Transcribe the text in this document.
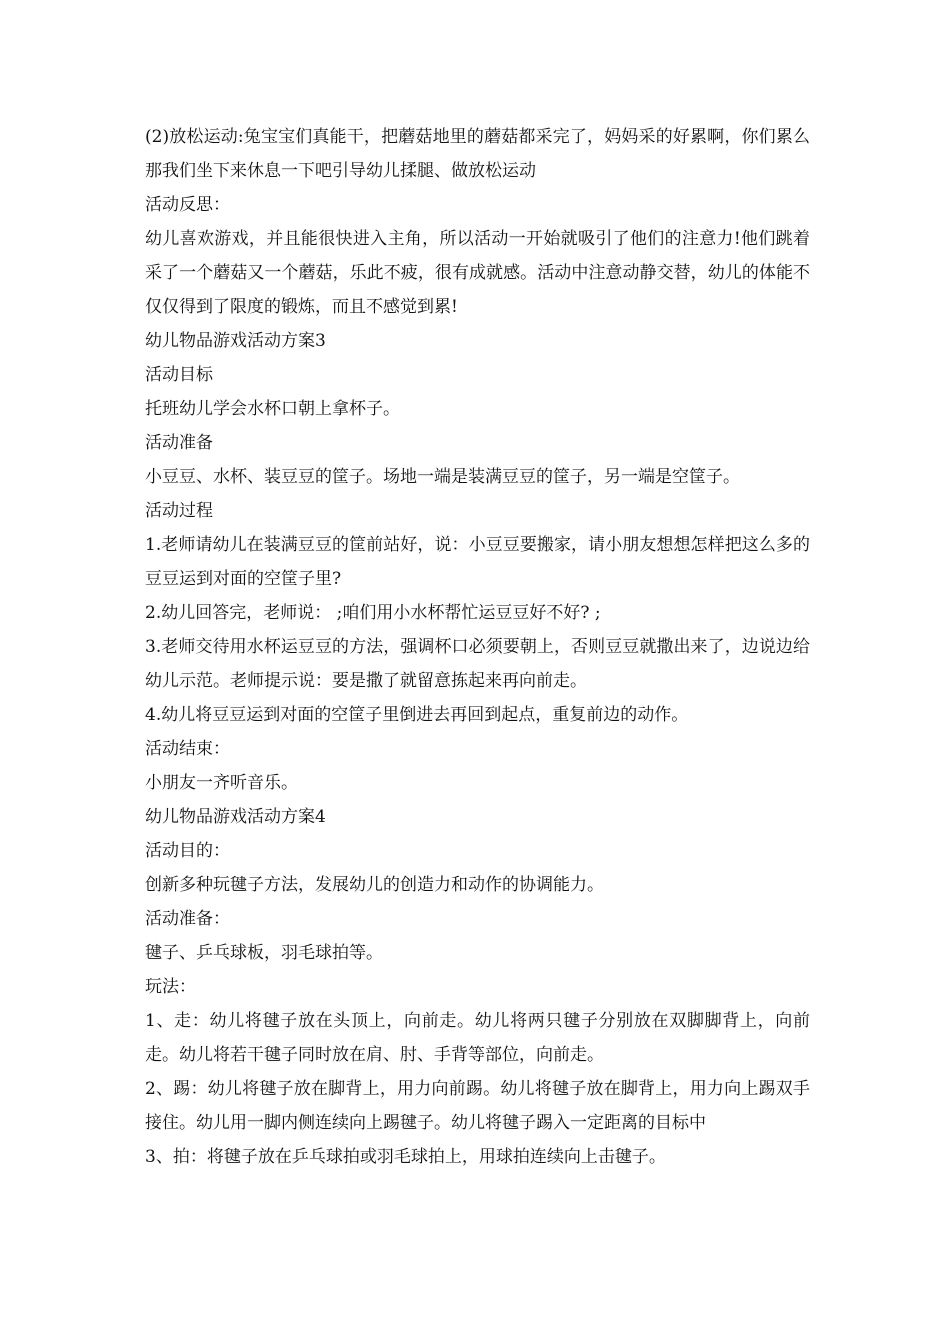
(2)放松运动:兔宝宝们真能干，把蘑菇地里的蘑菇都采完了，妈妈采的好累啊，你们累么那我们坐下来休息一下吧引导幼儿揉腿、做放松运动

活动反思：

幼儿喜欢游戏，并且能很快进入主角，所以活动一开始就吸引了他们的注意力!他们跳着采了一个蘑菇又一个蘑菇，乐此不疲，很有成就感。活动中注意动静交替，幼儿的体能不仅仅得到了限度的锻炼，而且不感觉到累!

幼儿物品游戏活动方案3

活动目标

托班幼儿学会水杯口朝上拿杯子。

活动准备

小豆豆、水杯、装豆豆的筐子。场地一端是装满豆豆的筐子，另一端是空筐子。

活动过程

1.老师请幼儿在装满豆豆的筐前站好，说：小豆豆要搬家，请小朋友想想怎样把这么多的豆豆运到对面的空筐子里?

2.幼儿回答完，老师说： ;咱们用小水杯帮忙运豆豆好不好? ;

3.老师交待用水杯运豆豆的方法，强调杯口必须要朝上，否则豆豆就撒出来了，边说边给幼儿示范。老师提示说：要是撒了就留意拣起来再向前走。

4.幼儿将豆豆运到对面的空筐子里倒进去再回到起点，重复前边的动作。

活动结束：

小朋友一齐听音乐。

幼儿物品游戏活动方案4

活动目的：

创新多种玩毽子方法，发展幼儿的创造力和动作的协调能力。

活动准备：

毽子、乒乓球板，羽毛球拍等。

玩法：

1、走：幼儿将毽子放在头顶上，向前走。幼儿将两只毽子分别放在双脚脚背上，向前走。幼儿将若干毽子同时放在肩、肘、手背等部位，向前走。

2、踢：幼儿将毽子放在脚背上，用力向前踢。幼儿将毽子放在脚背上，用力向上踢双手接住。幼儿用一脚内侧连续向上踢毽子。幼儿将毽子踢入一定距离的目标中

3、拍：将毽子放在乒乓球拍或羽毛球拍上，用球拍连续向上击毽子。
